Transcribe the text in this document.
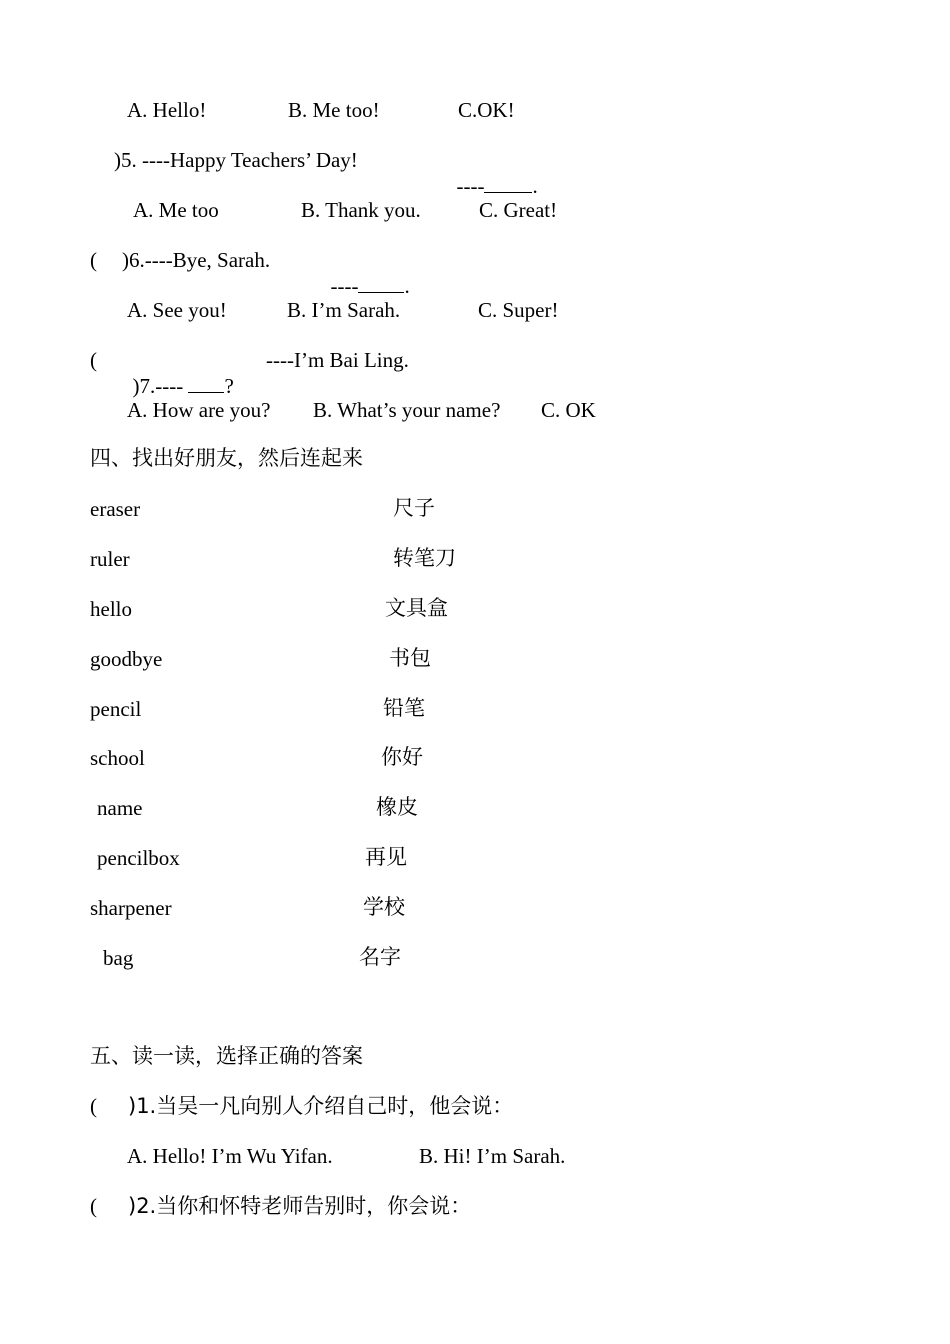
A. Hello!	B. Me too!	C.OK!
)5. ----Happy Teachers’ Day!

---- .

A. Me too	B. Thank you.	C. Great!
( )6.----Bye, Sarah.

---- .

A. See you!	B. I’m Sarah.	C. Super!
(

)7.---- ?

----I’m Bai Ling.
A. How are you? B. What’s your name? C. OK
四、找出好朋友，然后连起来
eraser	尺子
ruler	转笔刀
hello	文具盒
goodbye	书包
pencil	铅笔
school	你好
name	橡皮
pencilbox	再见
sharpener	学校
bag	名字
五、读一读，选择正确的答案
( )1.当吴一凡向别人介绍自己时，他会说：
A. Hello! I’m Wu Yifan.	B. Hi! I’m Sarah.
( )2.当你和怀特老师告别时，你会说：
